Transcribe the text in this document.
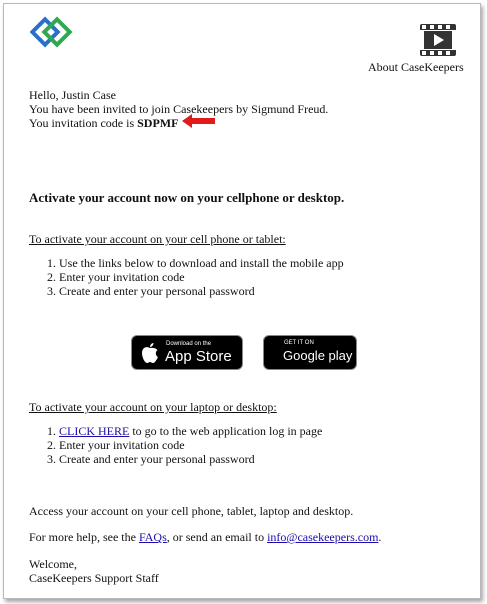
About CaseKeepers
Hello, Justin Case
You have been invited to join Casekeepers by Sigmund Freud.
You invitation code is SDPMF
Activate your account now on your cellphone or desktop.
To activate your account on your cell phone or tablet:
1. Use the links below to download and install the mobile app
2. Enter your invitation code
3. Create and enter your personal password
Download on the
App Store
GET IT ON
Google play
To activate your account on your laptop or desktop:
1. CLICK HERE to go to the web application log in page
2. Enter your invitation code
3. Create and enter your personal password
Access your account on your cell phone, tablet, laptop and desktop.
For more help, see the FAQs, or send an email to info@casekeepers.com.
Welcome,
CaseKeepers Support Staff
